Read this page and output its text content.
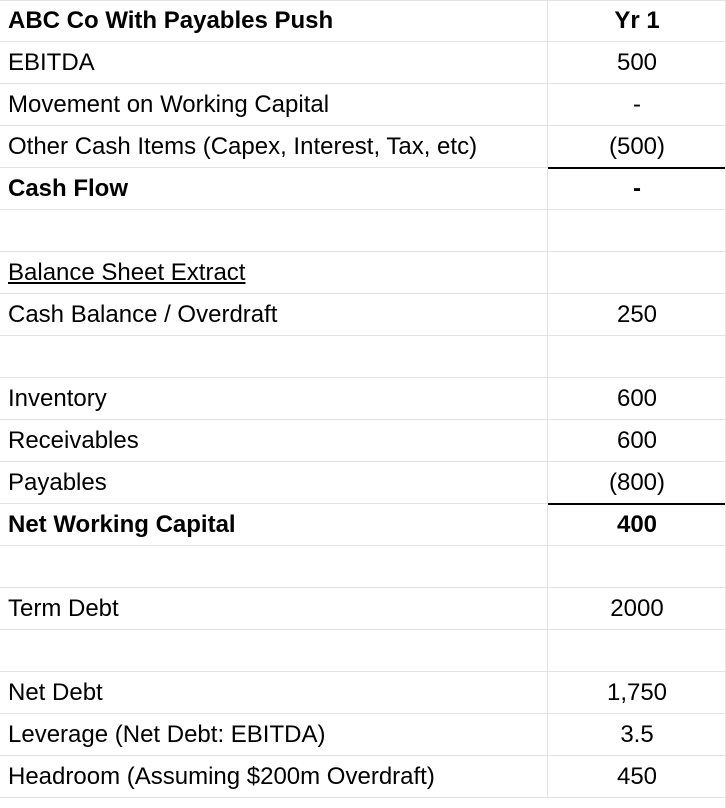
ABC Co With Payables Push	Yr 1
EBITDA	500
Movement on Working Capital	-
Other Cash Items (Capex, Interest, Tax, etc)	(500)
Cash Flow	-
Balance Sheet Extract
Cash Balance / Overdraft	250
Inventory	600
Receivables	600
Payables	(800)
Net Working Capital	400
Term Debt	2000
Net Debt	1,750
Leverage (Net Debt: EBITDA)	3.5
Headroom (Assuming $200m Overdraft)	450
